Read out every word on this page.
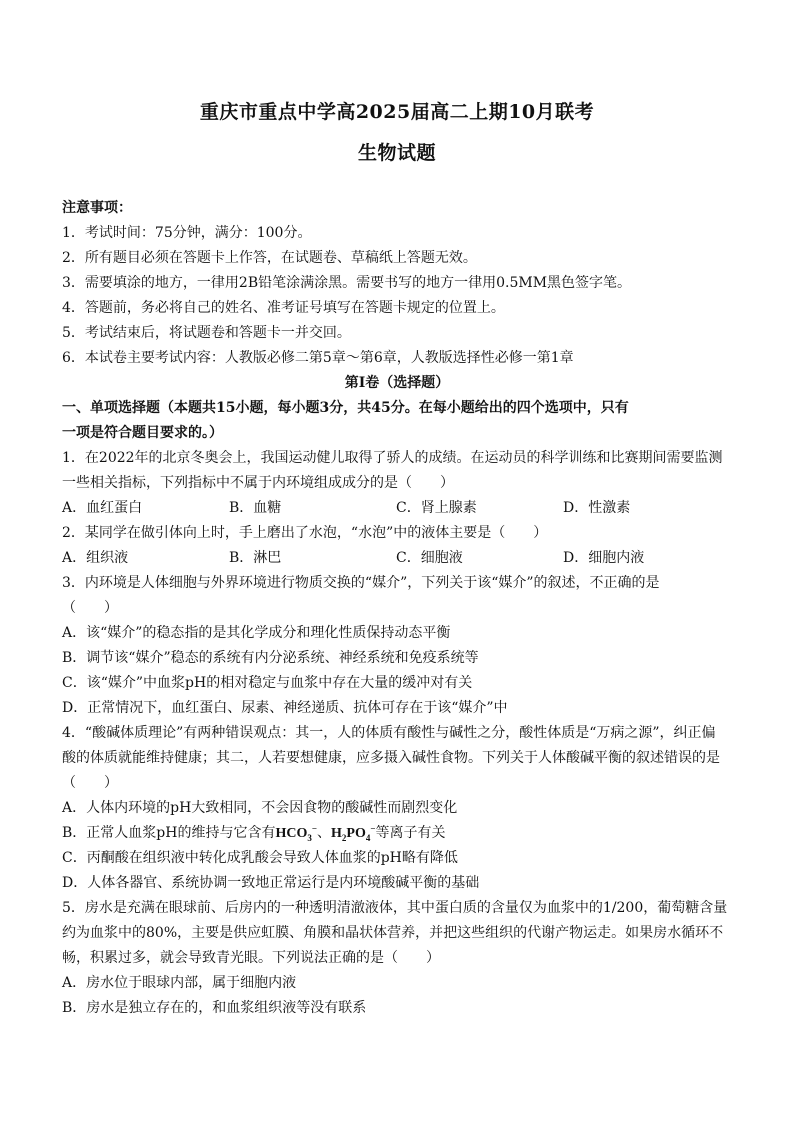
重庆市重点中学高2025届高二上期10月联考
生物试题
注意事项：
1．考试时间：75分钟，满分：100分。
2．所有题目必须在答题卡上作答，在试题卷、草稿纸上答题无效。
3．需要填涂的地方，一律用2B铅笔涂满涂黑。需要书写的地方一律用0.5MM黑色签字笔。
4．答题前，务必将自己的姓名、准考证号填写在答题卡规定的位置上。
5．考试结束后，将试题卷和答题卡一并交回。
6．本试卷主要考试内容：人教版必修二第5章～第6章，人教版选择性必修一第1章
第Ⅰ卷（选择题）
一、单项选择题（本题共15小题，每小题3分，共45分。在每小题给出的四个选项中，只有
一项是符合题目要求的。）
1．在2022年的北京冬奥会上，我国运动健儿取得了骄人的成绩。在运动员的科学训练和比赛期间需要监测
一些相关指标，下列指标中不属于内环境组成成分的是（　　）
A．血红蛋白	B．血糖	C．肾上腺素	D．性激素
2．某同学在做引体向上时，手上磨出了水泡，“水泡”中的液体主要是（　　）
A．组织液	B．淋巴	C．细胞液	D．细胞内液
3．内环境是人体细胞与外界环境进行物质交换的“媒介”，下列关于该“媒介”的叙述，不正确的是
（　　）
A．该“媒介”的稳态指的是其化学成分和理化性质保持动态平衡
B．调节该“媒介”稳态的系统有内分泌系统、神经系统和免疫系统等
C．该“媒介”中血浆pH的相对稳定与血浆中存在大量的缓冲对有关
D．正常情况下，血红蛋白、尿素、神经递质、抗体可存在于该“媒介”中
4．“酸碱体质理论”有两种错误观点：其一，人的体质有酸性与碱性之分，酸性体质是“万病之源”，纠正偏
酸的体质就能维持健康；其二，人若要想健康，应多摄入碱性食物。下列关于人体酸碱平衡的叙述错误的是
（　　）
A．人体内环境的pH大致相同，不会因食物的酸碱性而剧烈变化
B．正常人血浆pH的维持与它含有$HCO_3^-$、$H_2PO_4^-$等离子有关
C．丙酮酸在组织液中转化成乳酸会导致人体血浆的pH略有降低
D．人体各器官、系统协调一致地正常运行是内环境酸碱平衡的基础
5．房水是充满在眼球前、后房内的一种透明清澈液体，其中蛋白质的含量仅为血浆中的1/200，葡萄糖含量
约为血浆中的80%，主要是供应虹膜、角膜和晶状体营养，并把这些组织的代谢产物运走。如果房水循环不
畅，积累过多，就会导致青光眼。下列说法正确的是（　　）
A．房水位于眼球内部，属于细胞内液
B．房水是独立存在的，和血浆组织液等没有联系
